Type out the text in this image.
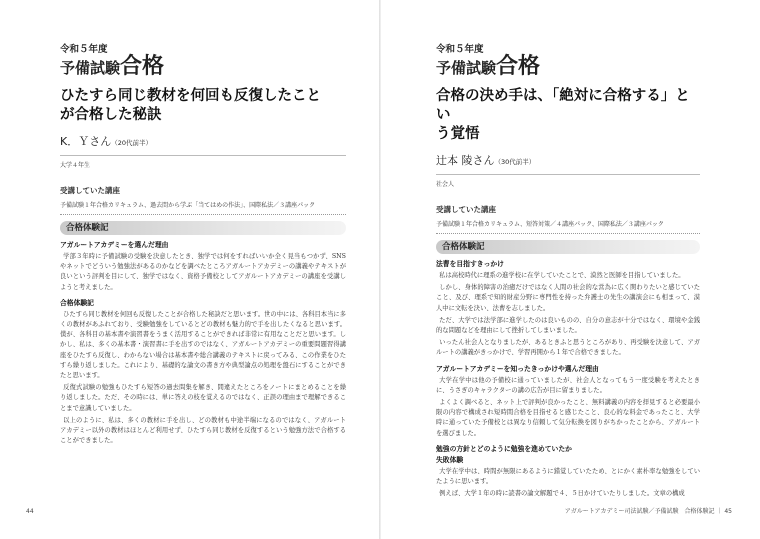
令和５年度
予備試験合格
ひたすら同じ教材を何回も反復したこと
が合格した秘訣
K．Ｙさん（20代前半）
大学４年生
受講していた講座
予備試験１年合格カリキュラム、過去問から学ぶ「当てはめの作法」、国際私法／３講座パック
合格体験記
アガルートアカデミーを選んだ理由
学部３年時に予備試験の受験を決意したとき、独学では何をすればいいか全く見当もつかず、SNSやネットでどういう勉強法があるのかなどを調べたところアガルートアカデミーの講義やテキストが良いという評判を目にして、独学ではなく、資格予備校としてアガルートアカデミーの講座を受講しようと考えました。
合格体験記
ひたすら同じ教材を何回も反復したことが合格した秘訣だと思います。世の中には、各科目本当に多くの教材があふれており、受験勉強をしているとどの教材も魅力的で手を出したくなると思います。僕が、各科目の基本書や演習書をうまく活用することができれば非常に有用なことだと思います。しかし、私は、多くの基本書・演習書に手を出すのではなく、アガルートアカデミーの重要問題習得講座をひたすら反復し、わからない場合は基本書や総合講義のテキストに戻ってみる、この作業をひたすら繰り返しました。これにより、基礎的な論文の書き方や典型論点の処理を盤石にすることができたと思います。
反復式試験の勉強もひたすら短答の過去問集を解き、間違えたところをノートにまとめることを繰り返しました。ただ、その時には、単に答えの枝を覚えるのではなく、正誤の理由まで理解できることまで意識していました。
以上のように、私は、多くの教材に手を出し、どの教材も中途半端になるのではなく、アガルートアカデミー以外の教材はほとんど利用せず、ひたすら同じ教材を反復するという勉強方法で合格することができました。
44
令和５年度
予備試験合格
合格の決め手は、「絶対に合格する」とい
う覚悟
辻本 陵さん（30代前半）
社会人
受講していた講座
予備試験１年合格カリキュラム、短答対策／４講座パック、国際私法／３講座パック
合格体験記
法曹を目指すきっかけ
私は高校時代に理系の進学校に在学していたことで、漠然と医師を目指していました。
しかし、身体的障害の治癒だけではなく人間の社会的な営為に広く関わりたいと感じていたこと、及び、理系で知的財産分野に専門性を持った弁護士の先生の講演会にも相まって、漠人中に文転を決い、法曹を志しました。
ただ、大学では法学部に進学したのは良いものの、自分の意志が十分ではなく、環境や金銭的な問題などを理由にして挫折してしまいました。
いったん社会人となりましたが、あるときふと思うところがあり、再受験を決意して、アガルートの講義がきっかけで、学習再開から１年で合格できました。
アガルートアカデミーを知ったきっかけや選んだ理由
大学在学中は他の予備校に通っていましたが、社会人となってもう一度受験を考えたときに、うさぎのキャラクターの講の広告が目に留まりました。
よくよく調べると、ネット上で評判が良かったこと、無料講義の内容を拝見すると必要最小限の内容で構成され短時間合格を目指せると感じたこと、良心的な料金であったこと、大学時に通っていた予備校とは異なり信頼して気分転換を図りがちかったことから、アガルートを選びました。
勉強の方針とどのように勉強を進めていたか
失敗体験
大学在学中は、時間が無限にあるように錯覚していたため、とにかく素朴率な勉強をしていたように思います。
例えば、大学１年の時に読書の論文解題で４、５日かけていたりしました。文章の構成
アガルートアカデミー司法試験／予備試験　合格体験記 ｜ 45
